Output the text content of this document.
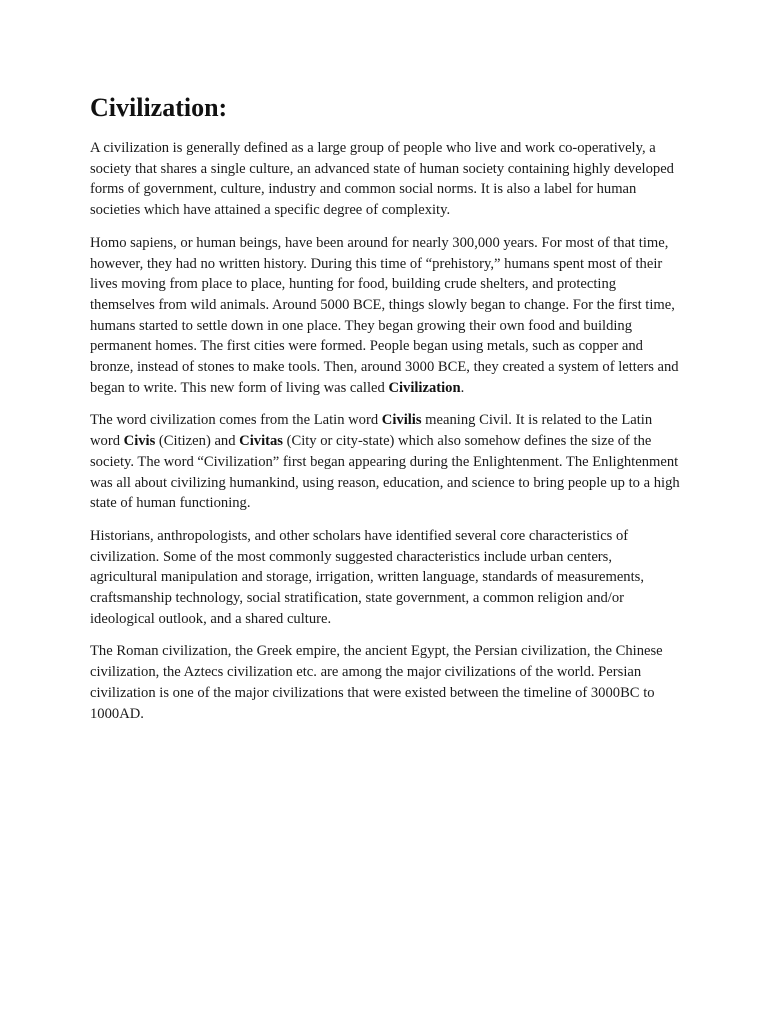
Civilization:

A civilization is generally defined as a large group of people who live and work co-operatively, a society that shares a single culture, an advanced state of human society containing highly developed forms of government, culture, industry and common social norms. It is also a label for human societies which have attained a specific degree of complexity.

Homo sapiens, or human beings, have been around for nearly 300,000 years. For most of that time, however, they had no written history. During this time of “prehistory,” humans spent most of their lives moving from place to place, hunting for food, building crude shelters, and protecting themselves from wild animals. Around 5000 BCE, things slowly began to change. For the first time, humans started to settle down in one place. They began growing their own food and building permanent homes. The first cities were formed. People began using metals, such as copper and bronze, instead of stones to make tools. Then, around 3000 BCE, they created a system of letters and began to write. This new form of living was called Civilization.

The word civilization comes from the Latin word Civilis meaning Civil. It is related to the Latin word Civis (Citizen) and Civitas (City or city-state) which also somehow defines the size of the society. The word “Civilization” first began appearing during the Enlightenment. The Enlightenment was all about civilizing humankind, using reason, education, and science to bring people up to a high state of human functioning.

Historians, anthropologists, and other scholars have identified several core characteristics of civilization. Some of the most commonly suggested characteristics include urban centers, agricultural manipulation and storage, irrigation, written language, standards of measurements, craftsmanship technology, social stratification, state government, a common religion and/or ideological outlook, and a shared culture.

The Roman civilization, the Greek empire, the ancient Egypt, the Persian civilization, the Chinese civilization, the Aztecs civilization etc. are among the major civilizations of the world. Persian civilization is one of the major civilizations that were existed between the timeline of 3000BC to 1000AD.
